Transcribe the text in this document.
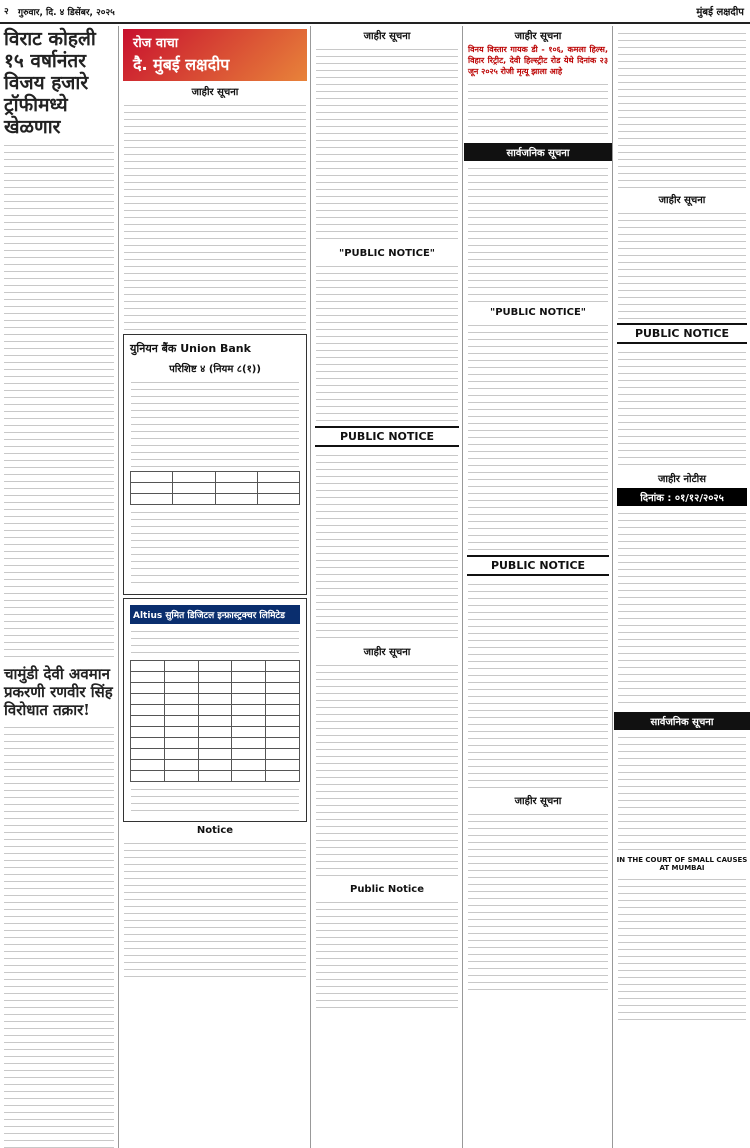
२ गुरुवार, दि. ४ डिसेंबर, २०२५	मुंबई लक्षदीप
विराट कोहली १५ वर्षानंतर विजय हजारे ट्रॉफीमध्ये खेळणार
चामुंडी देवी अवमान प्रकरणी रणवीर सिंह विरोधात तक्रार!
रोज वाचा
दै. मुंबई लक्षदीप
जाहीर सूचना
युनियन बैंक Union Bank
परिशिष्ट ४ (नियम ८(१))

Altius सुमित डिजिटल इन्फ्रास्ट्रक्चर लिमिटेड

Notice
जाहीर सूचना
"PUBLIC NOTICE"
PUBLIC NOTICE
जाहीर सूचना
Public Notice
जाहीर सूचना
विनय विस्तार गायक डी - १०६, कमला हिल्स, विहार रिट्रीट, देवी हिल्स्ट्रीट रोड येथे दिनांक २३ जून २०२५ रोजी मृत्यू झाला आहे
सार्वजनिक सूचना
"PUBLIC NOTICE"
PUBLIC NOTICE
जाहीर सूचना
जाहीर सूचना
PUBLIC NOTICE
जाहीर नोटीस
दिनांक : ०१/१२/२०२५
सार्वजनिक सूचना
IN THE COURT OF SMALL CAUSES AT MUMBAI
